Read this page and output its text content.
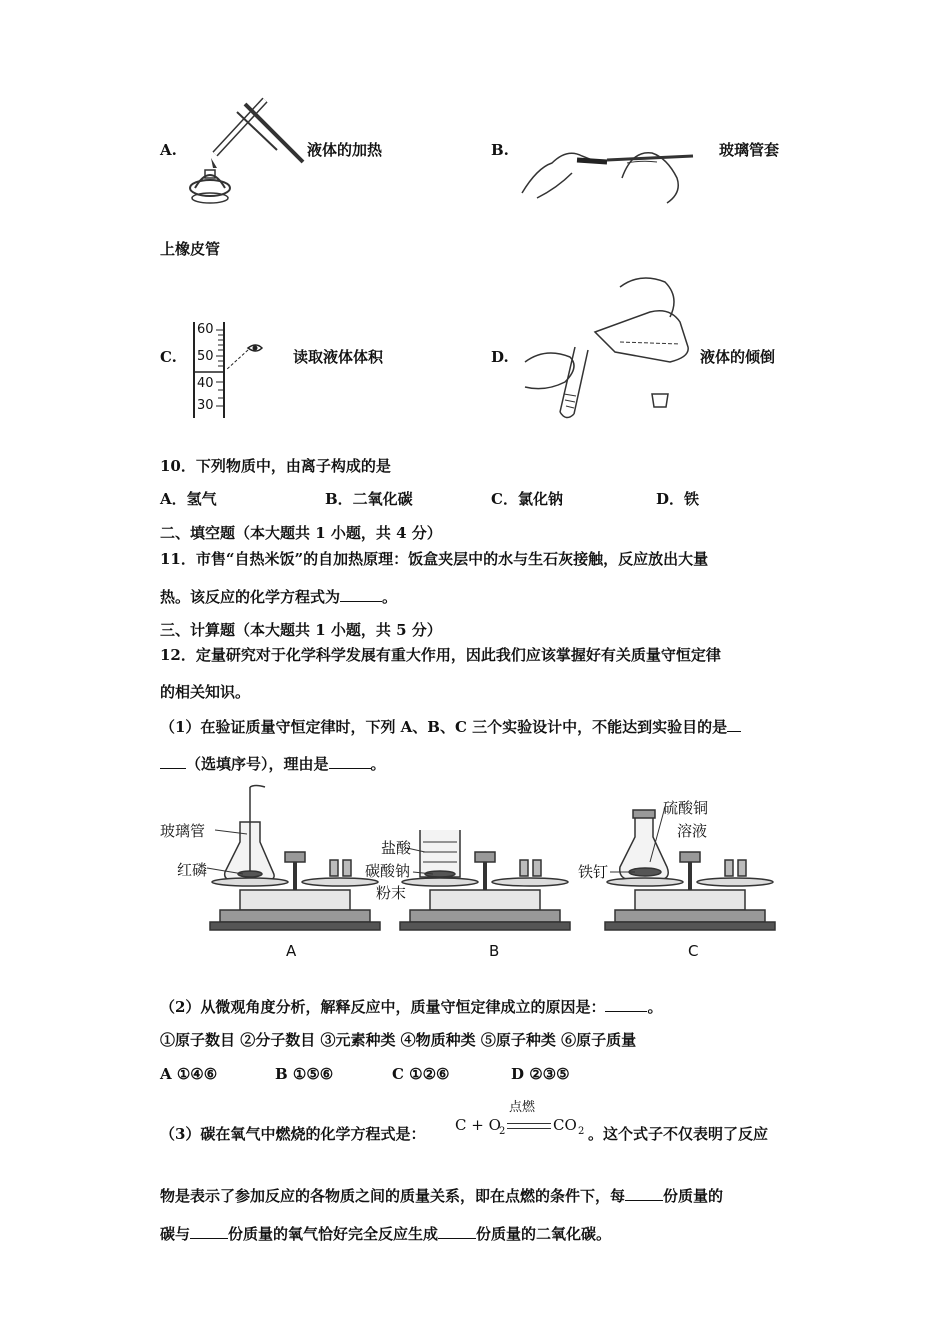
A.	液体的加热	B.	玻璃管套
上橡皮管
C.
60
50
40
30
读取液体体积	D.	液体的倾倒
10．下列物质中，由离子构成的是
A．氢气	B．二氧化碳	C．氯化钠	D．铁
二、填空题（本大题共 1 小题，共 4 分）
11．市售“自热米饭”的自加热原理：饭盒夹层中的水与生石灰接触，反应放出大量
热。该反应的化学方程式为	。
三、计算题（本大题共 1 小题，共 5 分）
12．定量研究对于化学科学发展有重大作用，因此我们应该掌握好有关质量守恒定律
的相关知识。
（1）在验证质量守恒定律时，下列 A、B、C 三个实验设计中，不能达到实验目的是
（选填序号），理由是	。
玻璃管
红磷
盐酸
碳酸钠
粉末
硫酸铜
溶液
铁钉
A	B	C
（2）从微观角度分析，解释反应中，质量守恒定律成立的原因是：	。
①原子数目 ②分子数目 ③元素种类 ④物质种类 ⑤原子种类 ⑥原子质量
A ①④⑥	B ①⑤⑥	C ①②⑥	D ②③⑤
（3）碳在氧气中燃烧的化学方程式是：
点燃
C + O
2	CO 2 。这个式子不仅表明了反应
物是表示了参加反应的各物质之间的质量关系，即在点燃的条件下，每	份质量的
碳与	份质量的氧气恰好完全反应生成	份质量的二氧化碳。
